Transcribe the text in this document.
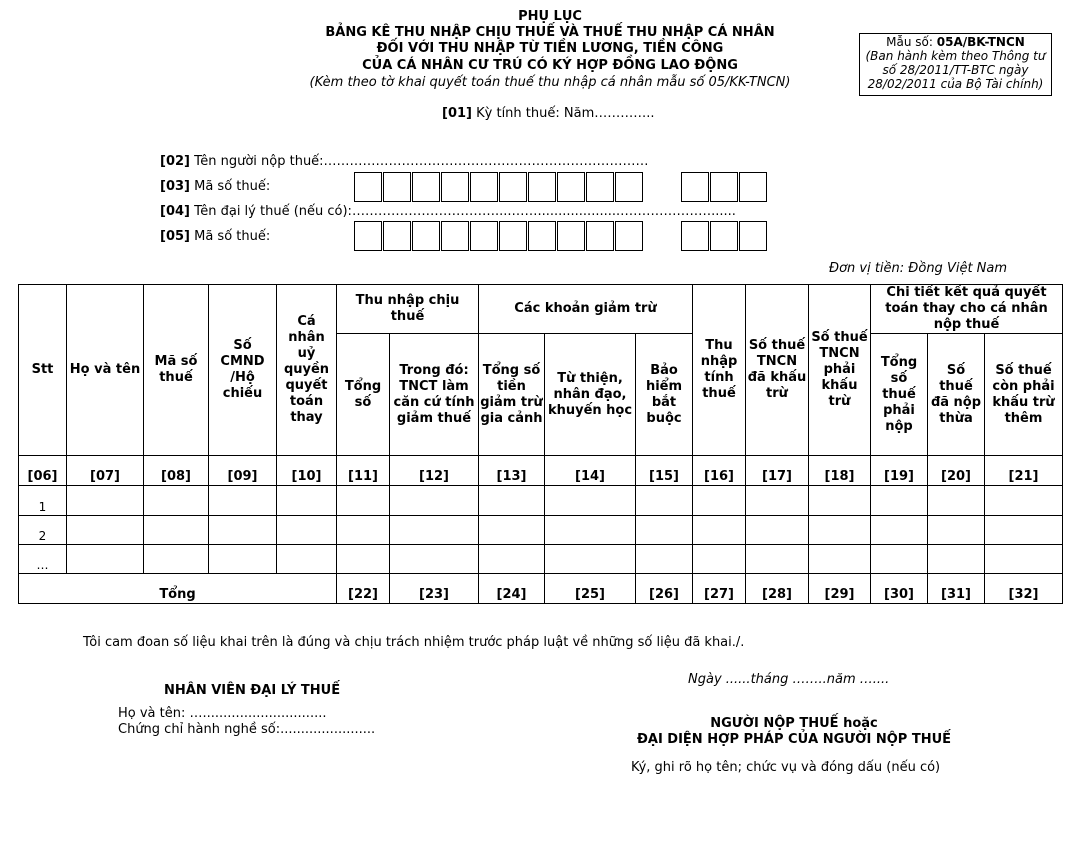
PHỤ LỤC
BẢNG KÊ THU NHẬP CHỊU THUẾ VÀ THUẾ THU NHẬP CÁ NHÂN
ĐỐI VỚI THU NHẬP TỪ TIỀN LƯƠNG, TIỀN CÔNG
CỦA CÁ NHÂN CƯ TRÚ CÓ KÝ HỢP ĐỒNG LAO ĐỘNG
(Kèm theo tờ khai quyết toán thuế thu nhập cá nhân mẫu số 05/KK-TNCN)
Mẫu số: 05A/BK-TNCN
(Ban hành kèm theo Thông tư
số 28/2011/TT-BTC ngày
28/02/2011 của Bộ Tài chính)
[01] Kỳ tính thuế: Năm…………..
[02] Tên người nộp thuế:…………………………………………………………………
[03] Mã số thuế:
[04] Tên đại lý thuế (nếu có):……………………………....……....................…………………......
[05] Mã số thuế:
Đơn vị tiền: Đồng Việt Nam
Stt	Họ và tên	Mã số thuế	Số CMND /Hộ chiếu	Cá nhân uỷ quyền quyết toán thay	Thu nhập chịu thuế		Các khoản giảm trừ			Thu nhập tính thuế	Số thuế TNCN đã khấu trừ	Số thuế TNCN phải khấu trừ	Chi tiết kết quả quyết toán thay cho cá nhân nộp thuế		
					Tổng số	Trong đó: TNCT làm căn cứ tính giảm thuế	Tổng số tiền giảm trừ gia cảnh	Từ thiện, nhân đạo, khuyến học	Bảo hiểm bắt buộc				Tổng số thuế phải nộp	Số thuế đã nộp thừa	Số thuế còn phải khấu trừ thêm
[06]	[07]	[08]	[09]	[10]	[11]	[12]	[13]	[14]	[15]	[16]	[17]	[18]	[19]	[20]	[21]
1															
2															
…															
Tổng					[22]	[23]	[24]	[25]	[26]	[27]	[28]	[29]	[30]	[31]	[32]
Tôi cam đoan số liệu khai trên là đúng và chịu trách nhiệm trước pháp luật về những số liệu đã khai./.
NHÂN VIÊN ĐẠI LÝ THUẾ
Họ và tên: …..............................
Chứng chỉ hành nghề số:.......................
Ngày ......tháng ……..năm …....
NGƯỜI NỘP THUẾ hoặc
ĐẠI DIỆN HỢP PHÁP CỦA NGƯỜI NỘP THUẾ
Ký, ghi rõ họ tên; chức vụ và đóng dấu (nếu có)
